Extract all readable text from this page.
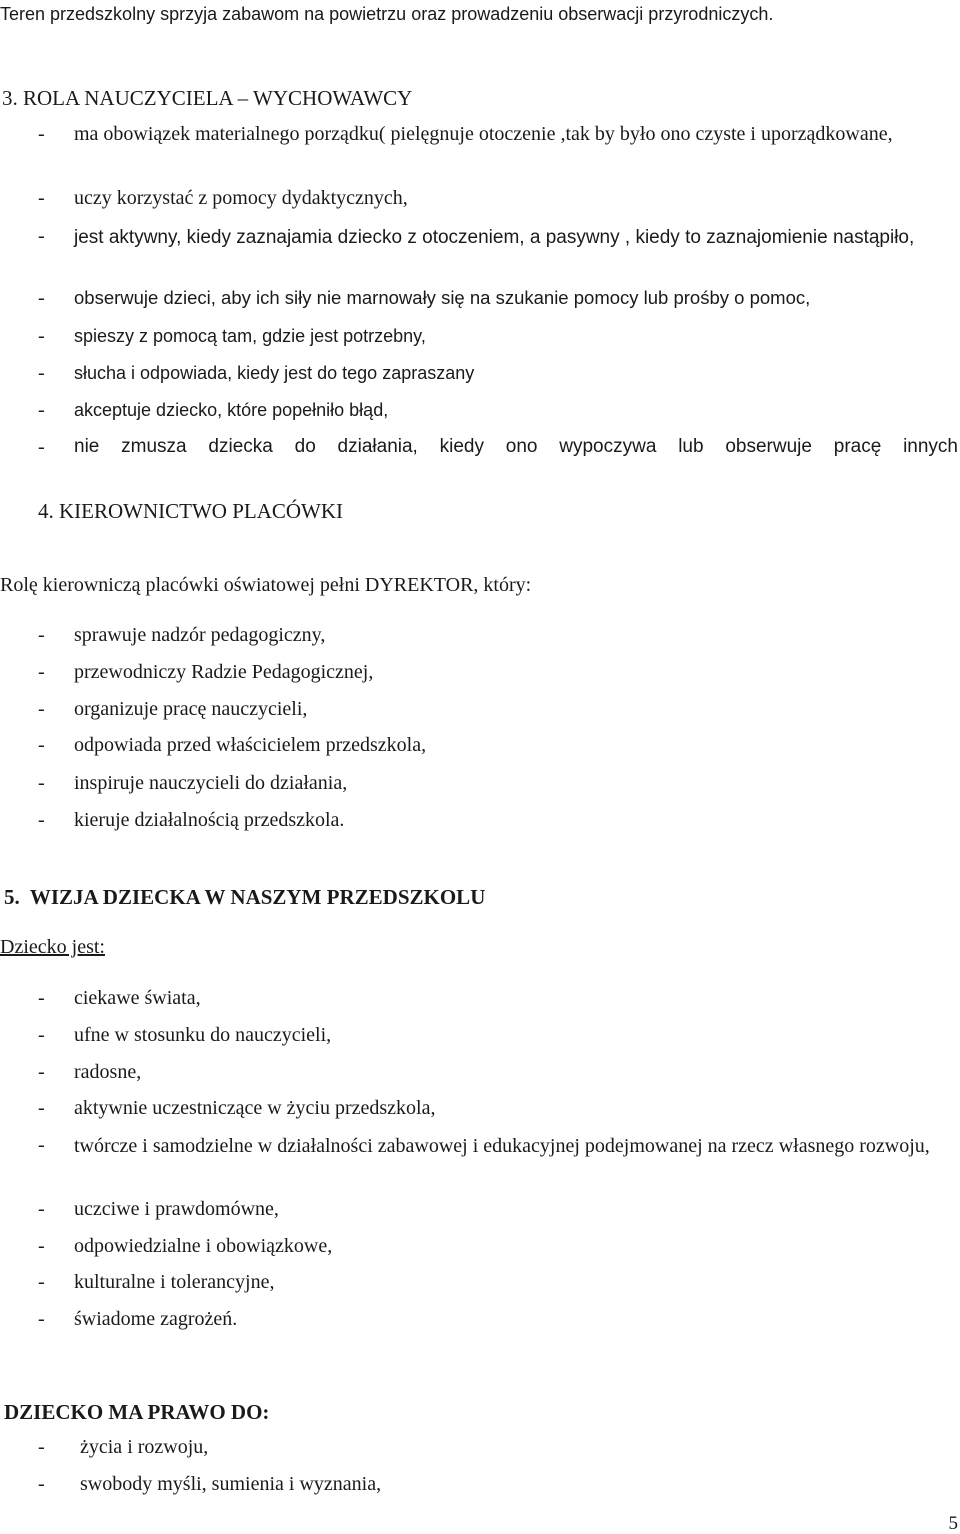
Teren przedszkolny sprzyja zabawom na powietrzu oraz prowadzeniu obserwacji przyrodniczych.
3. ROLA NAUCZYCIELA – WYCHOWAWCY
- ma obowiązek materialnego porządku( pielęgnuje otoczenie ,tak by było ono czyste i uporządkowane,
- uczy korzystać z pomocy dydaktycznych,
- jest aktywny, kiedy zaznajamia dziecko z otoczeniem, a pasywny , kiedy to zaznajomienie nastąpiło,
- obserwuje dzieci, aby ich siły nie marnowały się na szukanie pomocy lub prośby o pomoc,
- spieszy z pomocą tam, gdzie jest potrzebny,
- słucha i odpowiada, kiedy jest do tego zapraszany
- akceptuje dziecko, które popełniło błąd,
- nie zmusza dziecka do działania, kiedy ono wypoczywa lub obserwuje pracę innych
4. KIEROWNICTWO PLACÓWKI
Rolę kierowniczą placówki oświatowej pełni DYREKTOR, który:
- sprawuje nadzór pedagogiczny,
- przewodniczy Radzie Pedagogicznej,
- organizuje pracę nauczycieli,
- odpowiada przed właścicielem przedszkola,
- inspiruje nauczycieli do działania,
- kieruje działalnością przedszkola.
5.  WIZJA DZIECKA W NASZYM PRZEDSZKOLU
Dziecko jest:
- ciekawe świata,
- ufne w stosunku do nauczycieli,
- radosne,
- aktywnie uczestniczące w życiu przedszkola,
- twórcze i samodzielne w działalności zabawowej i edukacyjnej podejmowanej na rzecz własnego rozwoju,
- uczciwe i prawdomówne,
- odpowiedzialne i obowiązkowe,
- kulturalne i tolerancyjne,
- świadome zagrożeń.
DZIECKO MA PRAWO DO:
- życia i rozwoju,
- swobody myśli, sumienia i wyznania,
5
